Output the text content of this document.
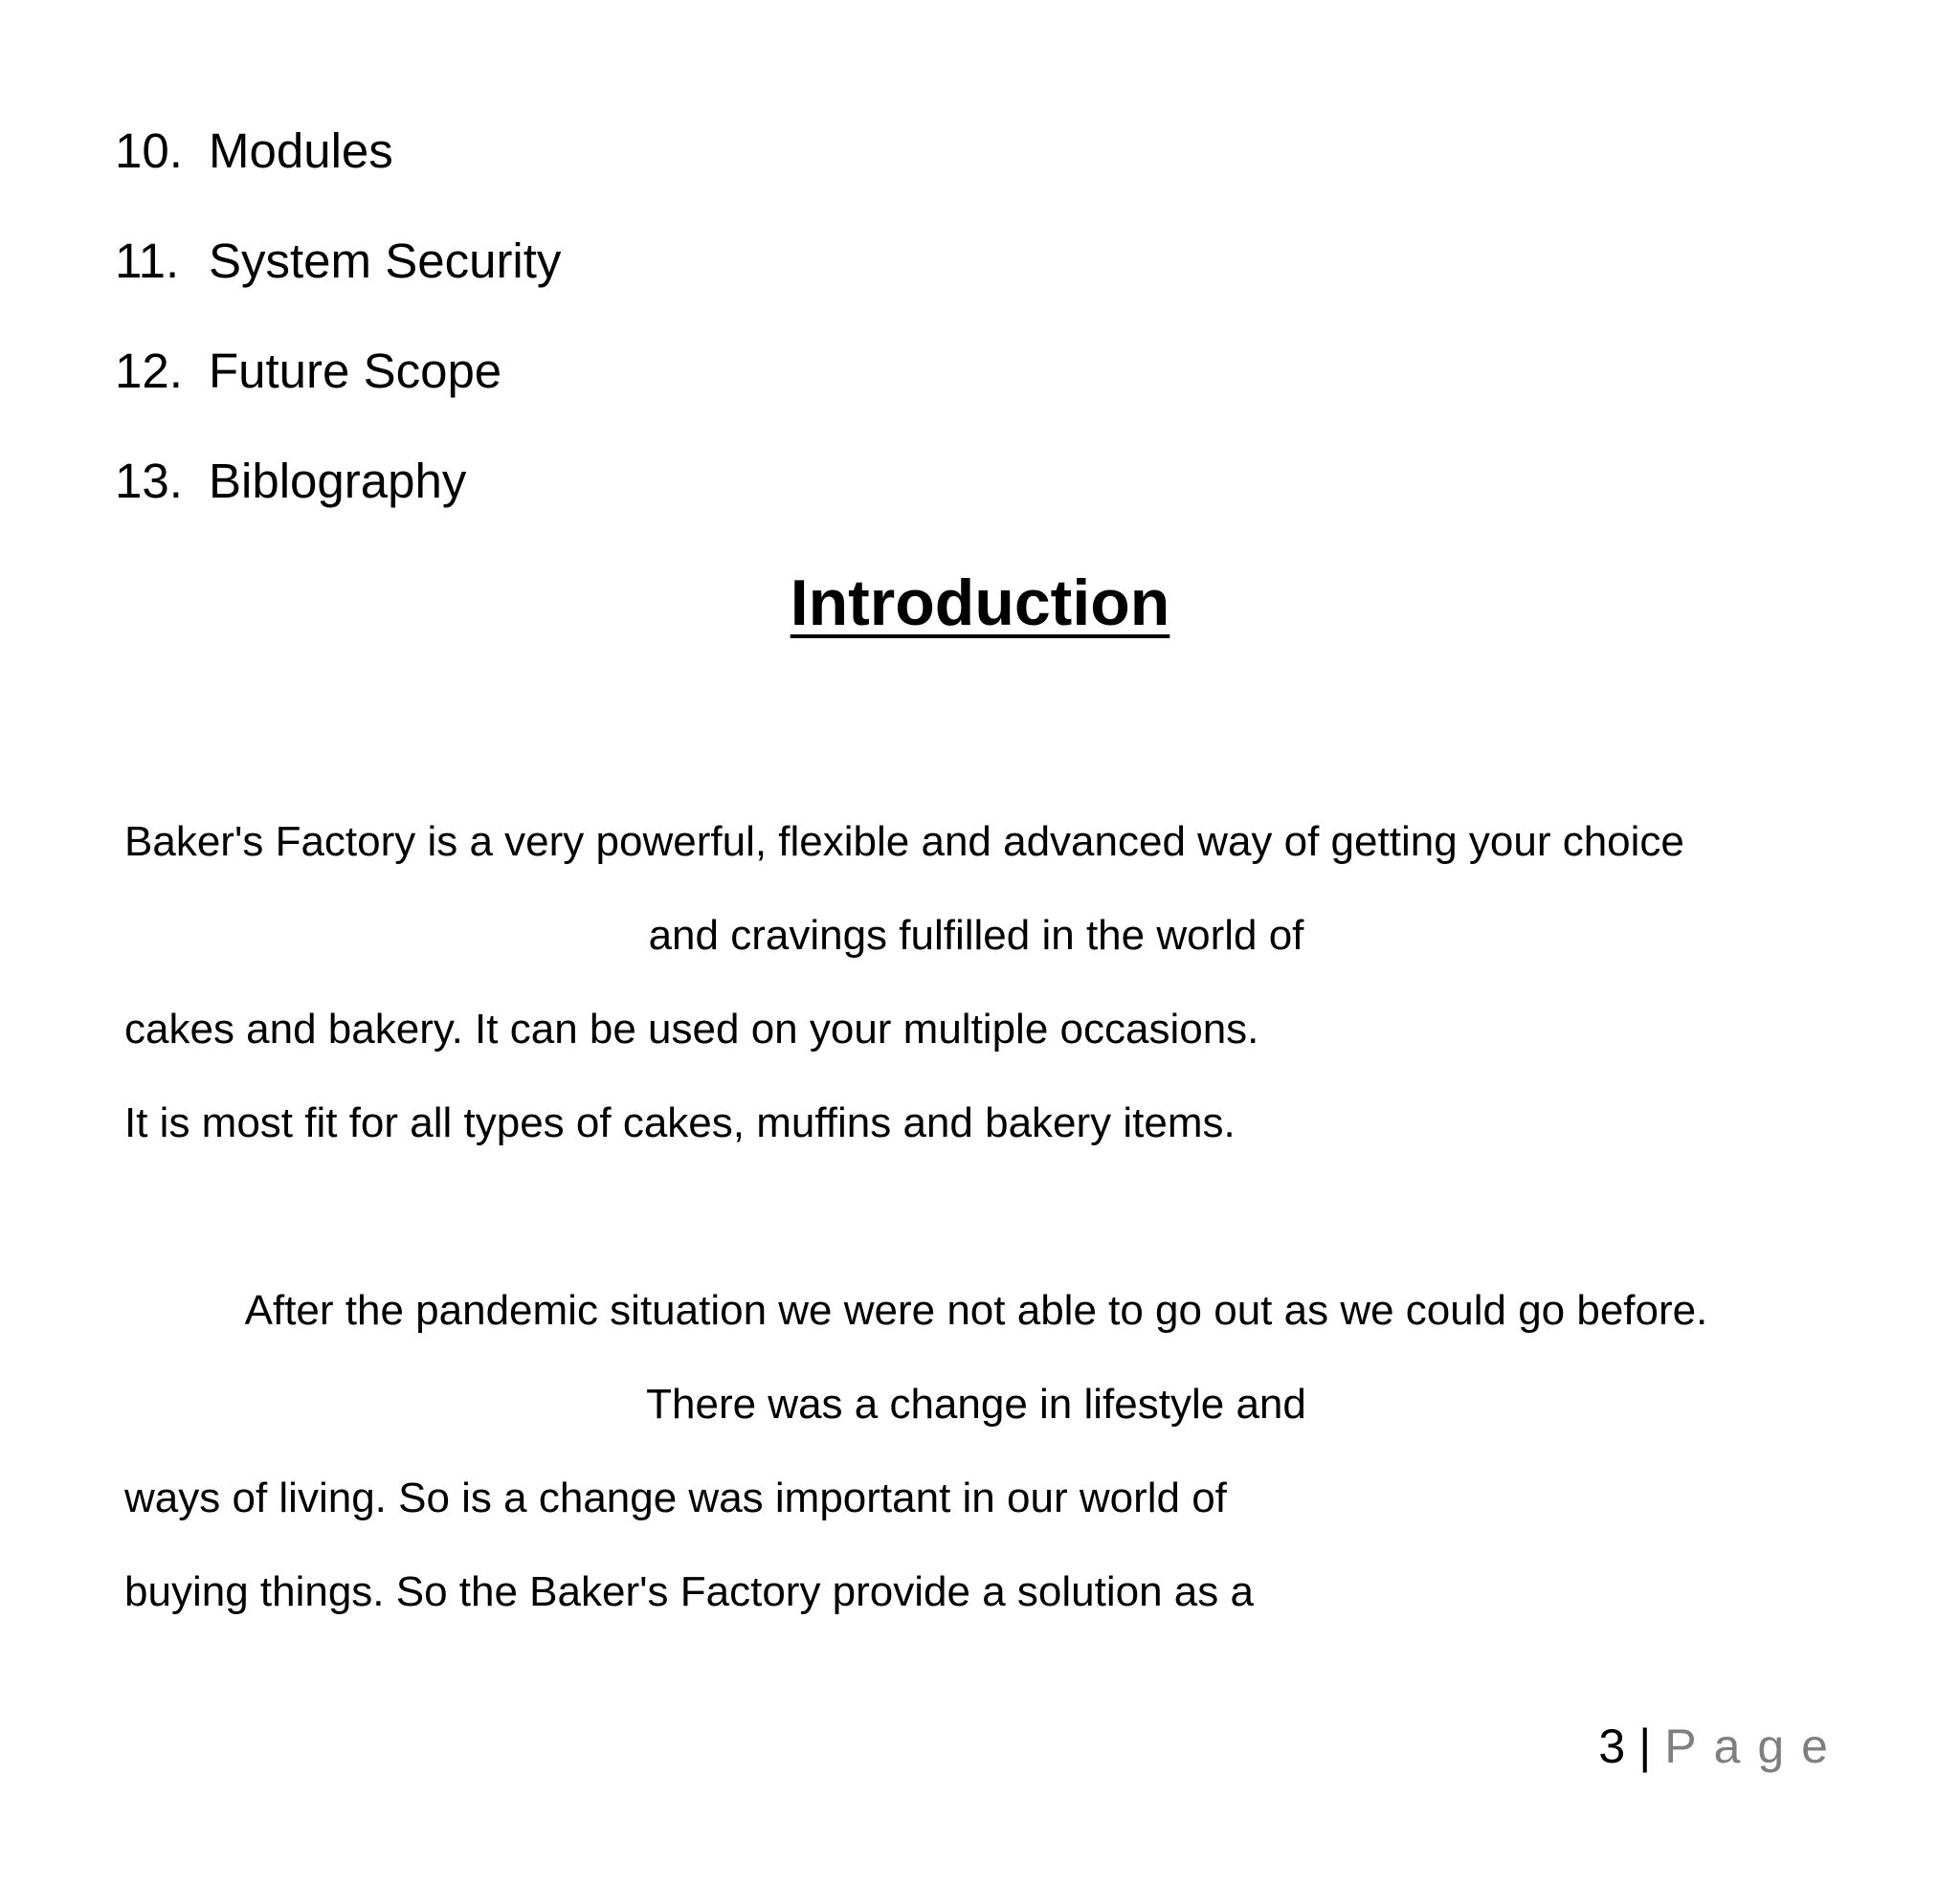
10. Modules
11. System Security
12. Future Scope
13. Biblography
Introduction
Baker's Factory is a very powerful, flexible and advanced way of getting your choice
and cravings fulfilled in the world of
cakes and bakery. It can be used on your multiple occasions.
It is most fit for all types of cakes, muffins and bakery items.
After the pandemic situation we were not able to go out as we could go before.
There was a change in lifestyle and
ways of living. So is a change was important in our world of
buying things. So the Baker's Factory provide a solution as a
3 | Page
